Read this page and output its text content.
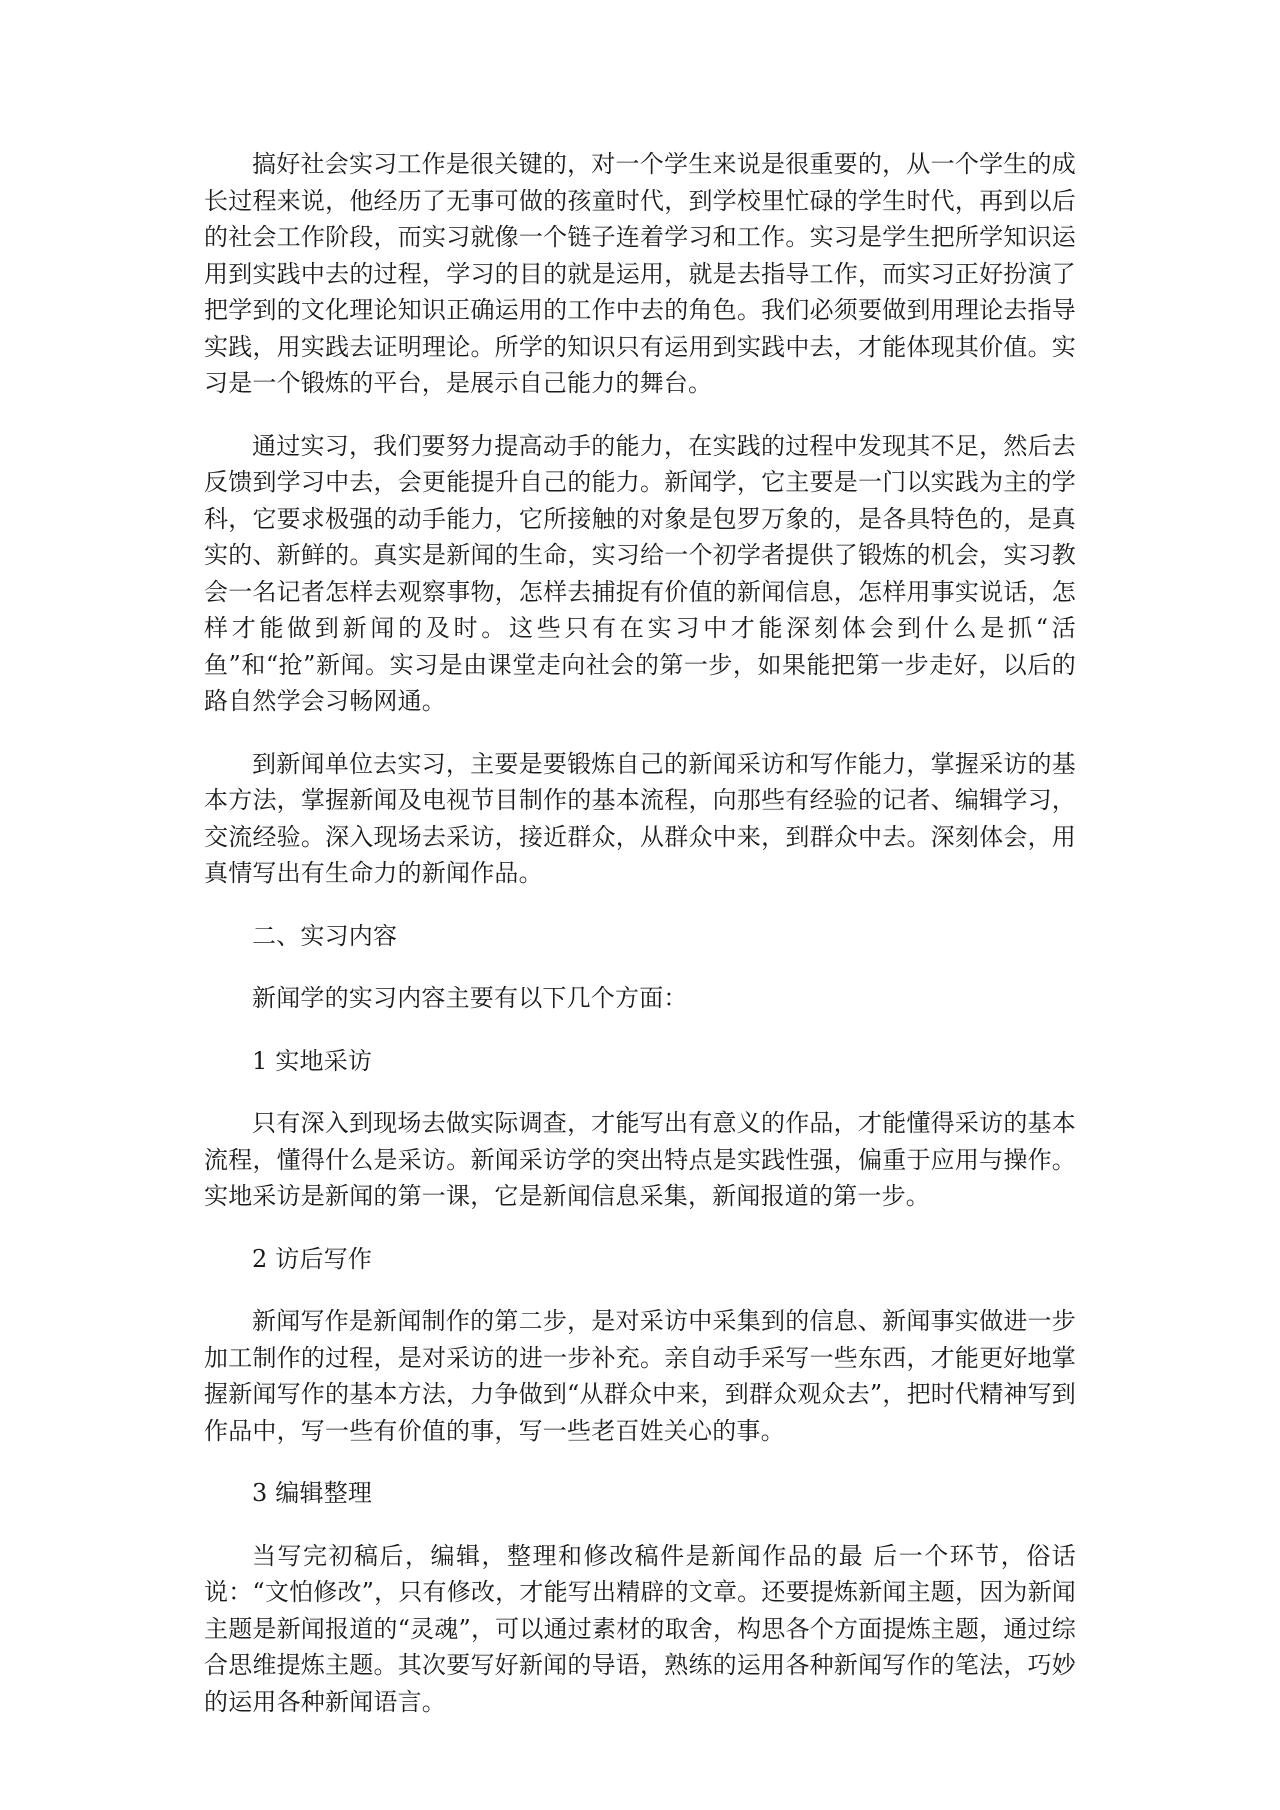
搞好社会实习工作是很关键的，对一个学生来说是很重要的，从一个学生的成长过程来说，他经历了无事可做的孩童时代，到学校里忙碌的学生时代，再到以后的社会工作阶段，而实习就像一个链子连着学习和工作。实习是学生把所学知识运用到实践中去的过程，学习的目的就是运用，就是去指导工作，而实习正好扮演了把学到的文化理论知识正确运用的工作中去的角色。我们必须要做到用理论去指导实践，用实践去证明理论。所学的知识只有运用到实践中去，才能体现其价值。实习是一个锻炼的平台，是展示自己能力的舞台。

通过实习，我们要努力提高动手的能力，在实践的过程中发现其不足，然后去反馈到学习中去，会更能提升自己的能力。新闻学，它主要是一门以实践为主的学科，它要求极强的动手能力，它所接触的对象是包罗万象的，是各具特色的，是真实的、新鲜的。真实是新闻的生命，实习给一个初学者提供了锻炼的机会，实习教会一名记者怎样去观察事物，怎样去捕捉有价值的新闻信息，怎样用事实说话，怎样才能做到新闻的及时。这些只有在实习中才能深刻体会到什么是抓“活鱼”和“抢”新闻。实习是由课堂走向社会的第一步，如果能把第一步走好，以后的路自然学会习畅网通。

到新闻单位去实习，主要是要锻炼自己的新闻采访和写作能力，掌握采访的基本方法，掌握新闻及电视节目制作的基本流程，向那些有经验的记者、编辑学习，交流经验。深入现场去采访，接近群众，从群众中来，到群众中去。深刻体会，用真情写出有生命力的新闻作品。

二、实习内容

新闻学的实习内容主要有以下几个方面：

1 实地采访

只有深入到现场去做实际调查，才能写出有意义的作品，才能懂得采访的基本流程，懂得什么是采访。新闻采访学的突出特点是实践性强，偏重于应用与操作。实地采访是新闻的第一课，它是新闻信息采集，新闻报道的第一步。

2 访后写作

新闻写作是新闻制作的第二步，是对采访中采集到的信息、新闻事实做进一步加工制作的过程，是对采访的进一步补充。亲自动手采写一些东西，才能更好地掌握新闻写作的基本方法，力争做到“从群众中来，到群众观众去”，把时代精神写到作品中，写一些有价值的事，写一些老百姓关心的事。

3 编辑整理

当写完初稿后，编辑，整理和修改稿件是新闻作品的最 后一个环节，俗话说：“文怕修改”，只有修改，才能写出精辟的文章。还要提炼新闻主题，因为新闻主题是新闻报道的“灵魂”，可以通过素材的取舍，构思各个方面提炼主题，通过综合思维提炼主题。其次要写好新闻的导语，熟练的运用各种新闻写作的笔法，巧妙的运用各种新闻语言。
